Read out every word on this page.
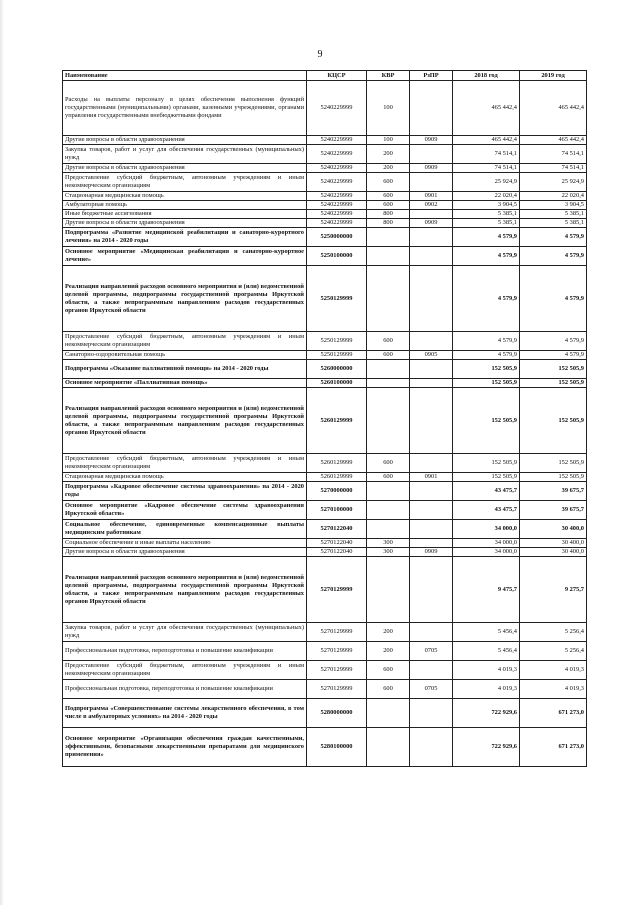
9
Наименование	КЦСР	КВР	РзПР	2018 год	2019 год
Расходы на выплаты персоналу в целях обеспечения выполнения функций государственными (муниципальными) органами, казенными учреждениями, органами управления государственными внебюджетными фондами	5240229999	100		465 442,4	465 442,4
Другие вопросы в области здравоохранения	5240229999	100	0909	465 442,4	465 442,4
Закупка товаров, работ и услуг для обеспечения государственных (муниципальных) нужд	5240229999	200		74 514,1	74 514,1
Другие вопросы в области здравоохранения	5240229999	200	0909	74 514,1	74 514,1
Предоставление субсидий бюджетным, автономным учреждениям и иным некоммерческим организациям	5240229999	600		25 924,9	25 924,9
Стационарная медицинская помощь	5240229999	600	0901	22 020,4	22 020,4
Амбулаторная помощь	5240229999	600	0902	3 904,5	3 904,5
Иные бюджетные ассигнования	5240229999	800		5 385,1	5 385,1
Другие вопросы в области здравоохранения	5240229999	800	0909	5 385,1	5 385,1
Подпрограмма «Развитие медицинской реабилитации и санаторно-курортного лечения» на 2014 - 2020 годы	5250000000			4 579,9	4 579,9
Основное мероприятие «Медицинская реабилитация и санаторно-курортное лечение»	5250100000			4 579,9	4 579,9
Реализация направлений расходов основного мероприятия и (или) ведомственной целевой программы, подпрограммы государственной программы Иркутской области, а также непрограммным направлениям расходов государственных органов Иркутской области	5250129999			4 579,9	4 579,9
Предоставление субсидий бюджетным, автономным учреждениям и иным некоммерческим организациям	5250129999	600		4 579,9	4 579,9
Санаторно-оздоровительная помощь	5250129999	600	0905	4 579,9	4 579,9
Подпрограмма «Оказание паллиативной помощи» на 2014 - 2020 годы	5260000000			152 505,9	152 505,9
Основное мероприятие «Паллиативная помощь»	5260100000			152 505,9	152 505,9
Реализация направлений расходов основного мероприятия и (или) ведомственной целевой программы, подпрограммы государственной программы Иркутской области, а также непрограммным направлениям расходов государственных органов Иркутской области	5260129999			152 505,9	152 505,9
Предоставление субсидий бюджетным, автономным учреждениям и иным некоммерческим организациям	5260129999	600		152 505,9	152 505,9
Стационарная медицинская помощь	5260129999	600	0901	152 505,9	152 505,9
Подпрограмма «Кадровое обеспечение системы здравоохранения» на 2014 - 2020 годы	5270000000			43 475,7	39 675,7
Основное мероприятие «Кадровое обеспечение системы здравоохранения Иркутской области»	5270100000			43 475,7	39 675,7
Социальное обеспечение, единовременные компенсационные выплаты медицинским работникам	5270122040			34 000,0	30 400,0
Социальное обеспечение и иные выплаты населению	5270122040	300		34 000,0	30 400,0
Другие вопросы в области здравоохранения	5270122040	300	0909	34 000,0	30 400,0
Реализация направлений расходов основного мероприятия и (или) ведомственной целевой программы, подпрограммы государственной программы Иркутской области, а также непрограммным направлениям расходов государственных органов Иркутской области	5270129999			9 475,7	9 275,7
Закупка товаров, работ и услуг для обеспечения государственных (муниципальных) нужд	5270129999	200		5 456,4	5 256,4
Профессиональная подготовка, переподготовка и повышение квалификации	5270129999	200	0705	5 456,4	5 256,4
Предоставление субсидий бюджетным, автономным учреждениям и иным некоммерческим организациям	5270129999	600		4 019,3	4 019,3
Профессиональная подготовка, переподготовка и повышение квалификации	5270129999	600	0705	4 019,3	4 019,3
Подпрограмма «Совершенствование системы лекарственного обеспечения, в том числе в амбулаторных условиях» на 2014 - 2020 годы	5280000000			722 929,6	671 273,0
Основное мероприятие «Организация обеспечения граждан качественными, эффективными, безопасными лекарственными препаратами для медицинского применения»	5280100000			722 929,6	671 273,0
